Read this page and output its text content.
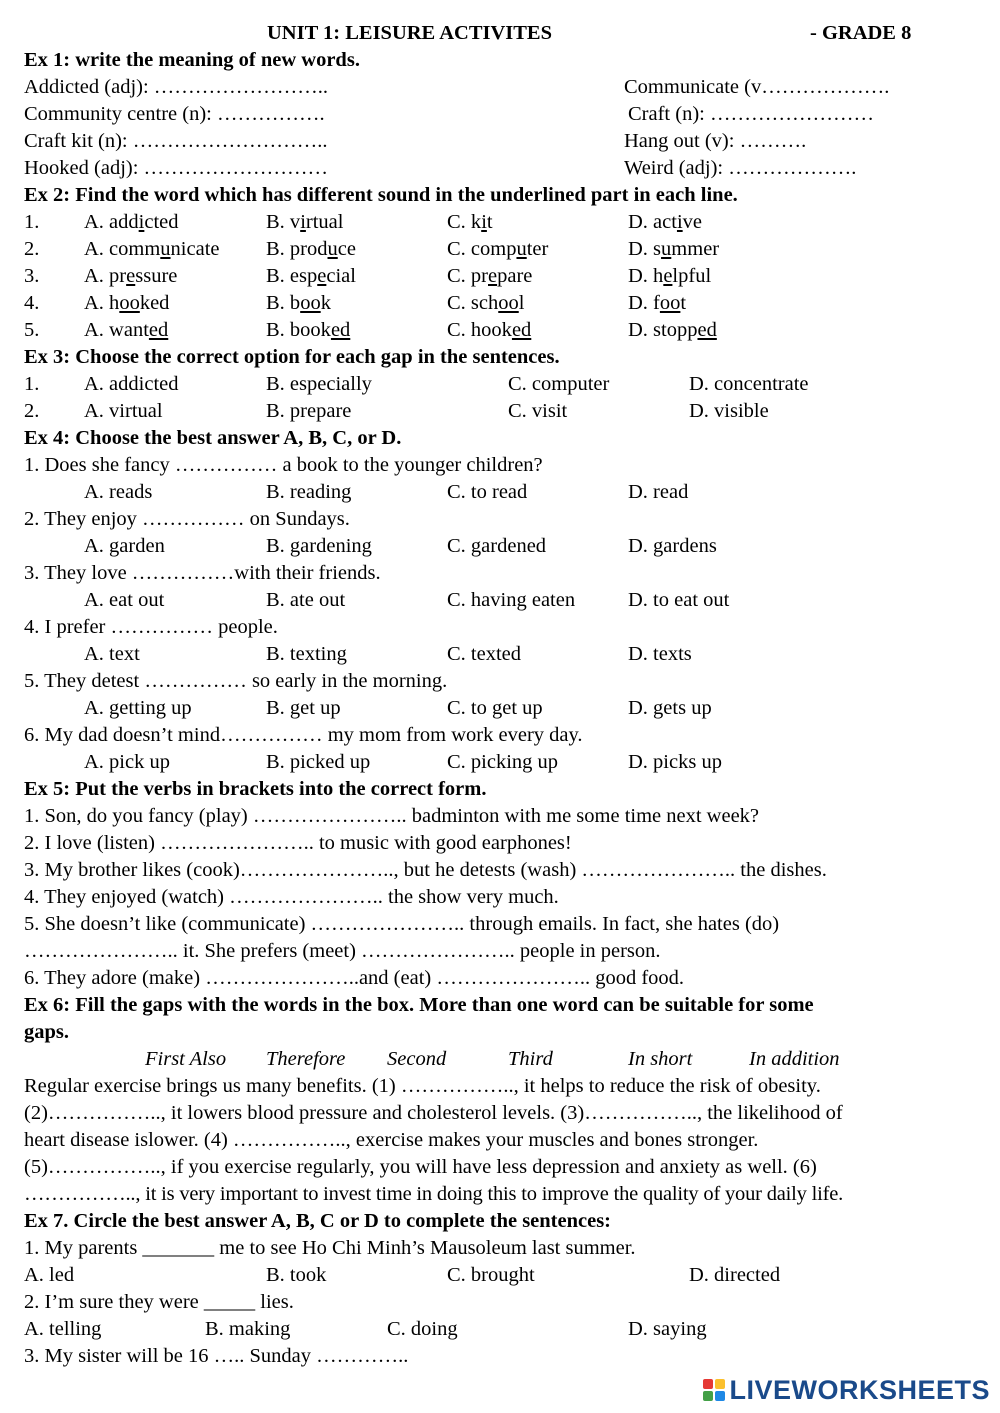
UNIT 1: LEISURE ACTIVITES	- GRADE 8
Ex 1: write the meaning of new words.
Addicted (adj): ……………………..	Communicate (v……………….
Community centre (n): …………….	Craft (n): ……………………
Craft kit (n): ………………………..	Hang out (v): ……….
Hooked (adj): ………………………	Weird (adj): ……………….
Ex 2: Find the word which has different sound in the underlined part in each line.
1. A. addicted	B. virtual	C. kit	D. active
2. A. communicate B. produce	C. computer	D. summer
3. A. pressure	B. especial	C. prepare	D. helpful
4. A. hooked	B. book	C. school	D. foot
5. A. wanted	B. booked	C. hooked	D. stopped
Ex 3: Choose the correct option for each gap in the sentences.
1. A. addicted	B. especially	C. computer	D. concentrate
2. A. virtual	B. prepare	C. visit	D. visible
Ex 4: Choose the best answer A, B, C, or D.
1. Does she fancy …………… a book to the younger children?
A. reads	B. reading	C. to read	D. read
2. They enjoy …………… on Sundays.
A. garden	B. gardening	C. gardened	D. gardens
3. They love ……………with their friends.
A. eat out	B. ate out	C. having eaten	D. to eat out
4. I prefer …………… people.
A. text	B. texting	C. texted	D. texts
5. They detest …………… so early in the morning.
A. getting up	B. get up	C. to get up	D. gets up
6. My dad doesn’t mind…………… my mom from work every day.
A. pick up	B. picked up	C. picking up	D. picks up
Ex 5: Put the verbs in brackets into the correct form.
1. Son, do you fancy (play) ………………….. badminton with me some time next week?
2. I love (listen) ………………….. to music with good earphones!
3. My brother likes (cook)………………….., but he detests (wash) ………………….. the dishes.
4. They enjoyed (watch) ………………….. the show very much.
5. She doesn’t like (communicate) ………………….. through emails. In fact, she hates (do)
………………….. it. She prefers (meet) ………………….. people in person.
6. They adore (make) …………………..and (eat) ………………….. good food.
Ex 6: Fill the gaps with the words in the box. More than one word can be suitable for some
gaps.
First Also Therefore Second	Third	In short	In addition
Regular exercise brings us many benefits. (1) …………….., it helps to reduce the risk of obesity.
(2)…………….., it lowers blood pressure and cholesterol levels. (3)…………….., the likelihood of
heart disease islower. (4) …………….., exercise makes your muscles and bones stronger.
(5)…………….., if you exercise regularly, you will have less depression and anxiety as well. (6)
…………….., it is very important to invest time in doing this to improve the quality of your daily life.
Ex 7. Circle the best answer A, B, C or D to complete the sentences:
1. My parents _______ me to see Ho Chi Minh’s Mausoleum last summer.
A. led	B. took	C. brought	D. directed
2. I’m sure they were _____ lies.
A. telling	B. making	C. doing	D. saying
3. My sister will be 16 ….. Sunday …………..
LIVEWORKSHEETS
